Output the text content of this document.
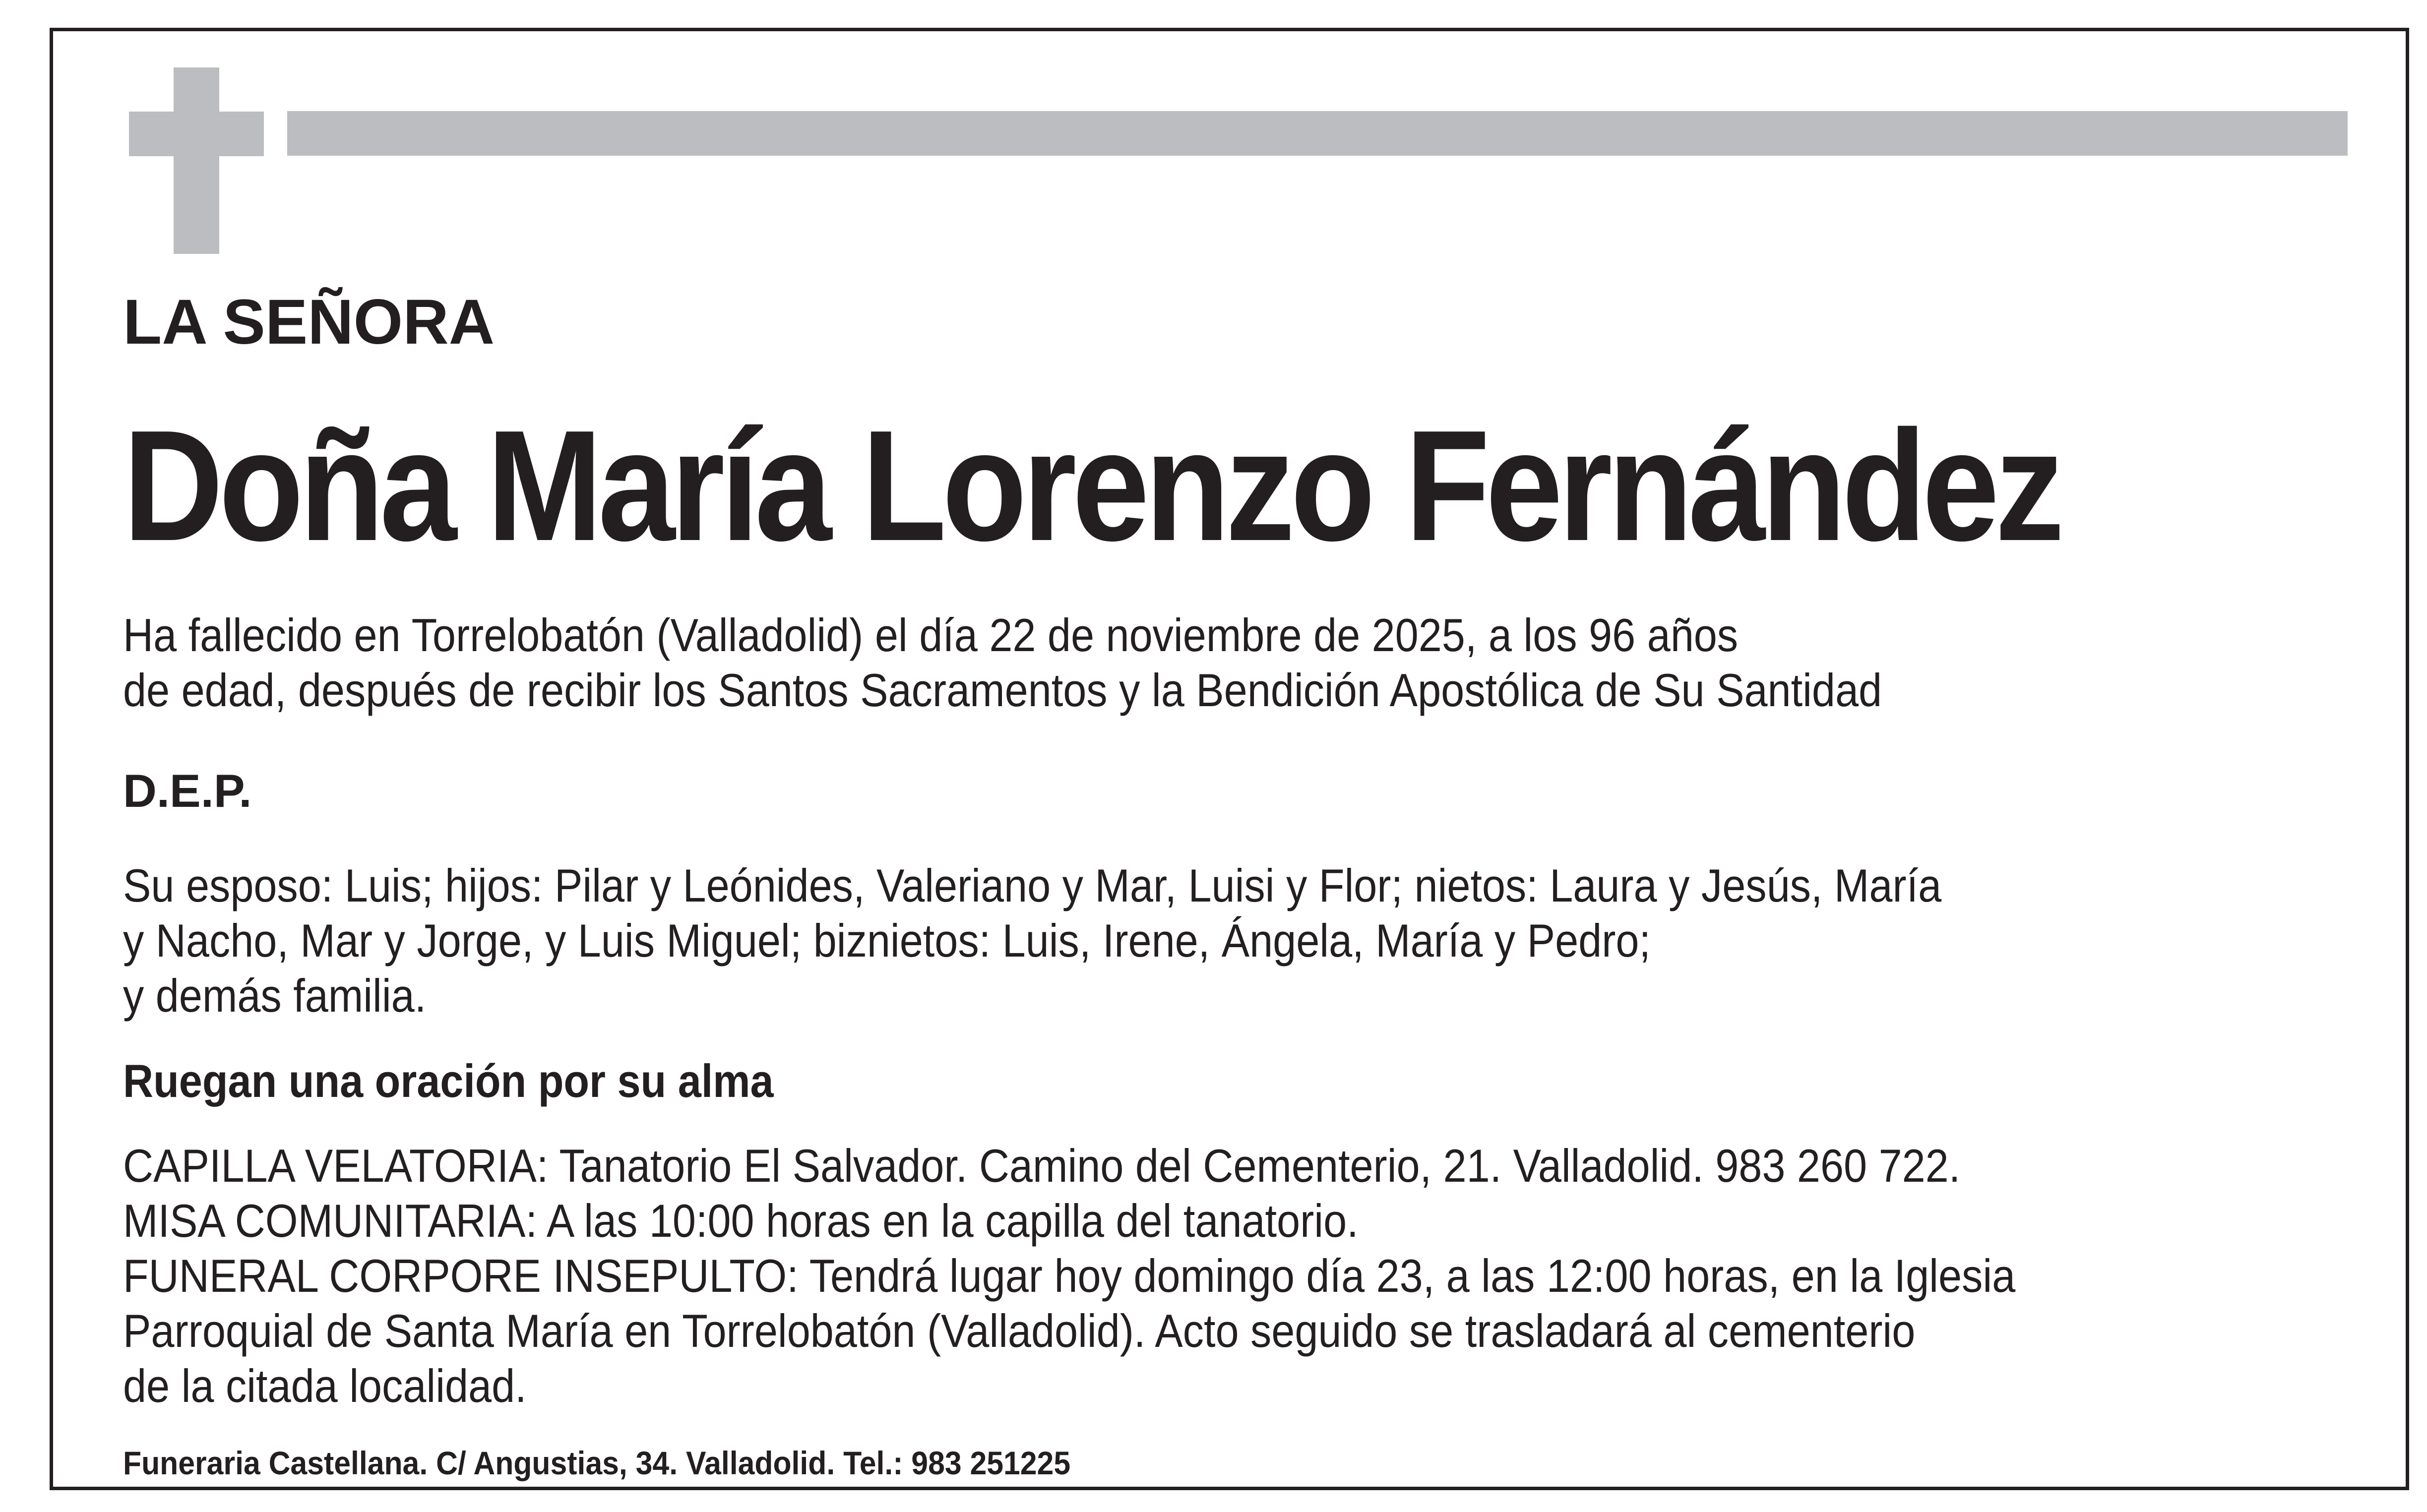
LA SEÑORA
Doña María Lorenzo Fernández
Ha fallecido en Torrelobatón (Valladolid) el día 22 de noviembre de 2025, a los 96 años
de edad, después de recibir los Santos Sacramentos y la Bendición Apostólica de Su Santidad
D.E.P.
Su esposo: Luis; hijos: Pilar y Leónides, Valeriano y Mar, Luisi y Flor; nietos: Laura y Jesús, María
y Nacho, Mar y Jorge, y Luis Miguel; biznietos: Luis, Irene, Ángela, María y Pedro;
y demás familia.
Ruegan una oración por su alma
CAPILLA VELATORIA: Tanatorio El Salvador. Camino del Cementerio, 21. Valladolid. 983 260 722.
MISA COMUNITARIA: A las 10:00 horas en la capilla del tanatorio.
FUNERAL CORPORE INSEPULTO: Tendrá lugar hoy domingo día 23, a las 12:00 horas, en la Iglesia
Parroquial de Santa María en Torrelobatón (Valladolid). Acto seguido se trasladará al cementerio
de la citada localidad.
Funeraria Castellana. C/ Angustias, 34. Valladolid. Tel.: 983 251225
